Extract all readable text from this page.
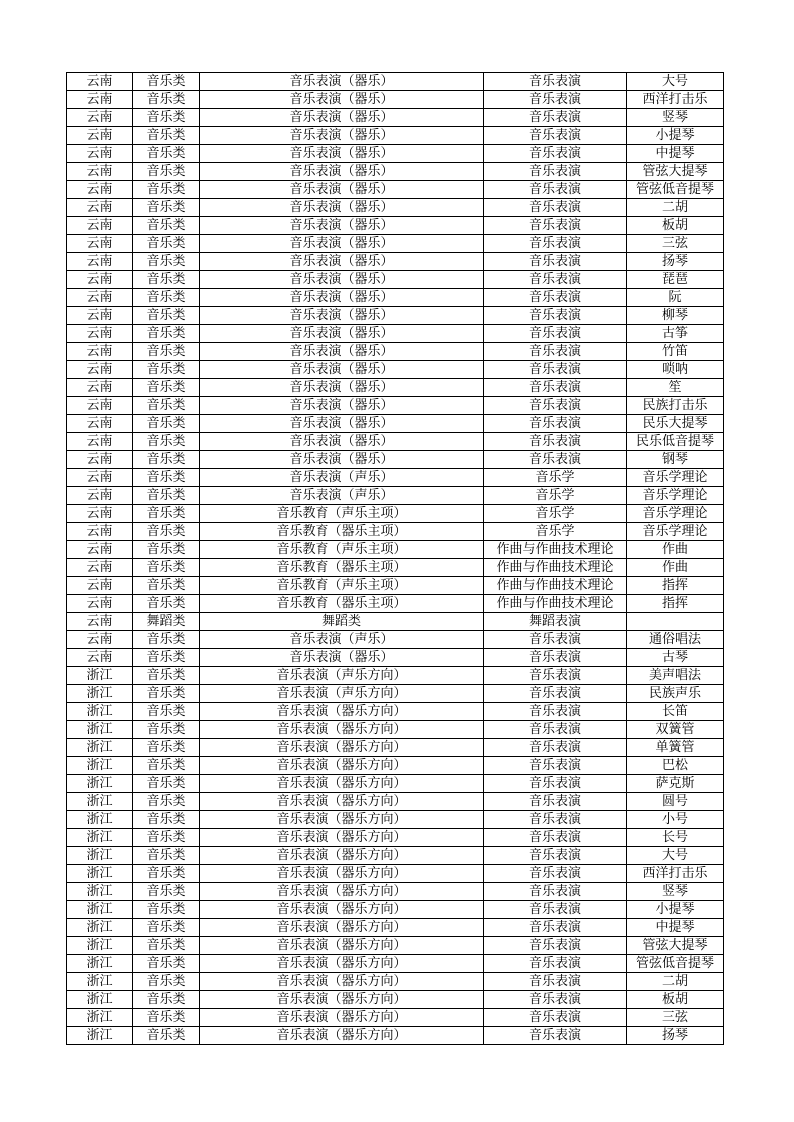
云南	音乐类	音乐表演（器乐）	音乐表演	大号
云南	音乐类	音乐表演（器乐）	音乐表演	西洋打击乐
云南	音乐类	音乐表演（器乐）	音乐表演	竖琴
云南	音乐类	音乐表演（器乐）	音乐表演	小提琴
云南	音乐类	音乐表演（器乐）	音乐表演	中提琴
云南	音乐类	音乐表演（器乐）	音乐表演	管弦大提琴
云南	音乐类	音乐表演（器乐）	音乐表演	管弦低音提琴
云南	音乐类	音乐表演（器乐）	音乐表演	二胡
云南	音乐类	音乐表演（器乐）	音乐表演	板胡
云南	音乐类	音乐表演（器乐）	音乐表演	三弦
云南	音乐类	音乐表演（器乐）	音乐表演	扬琴
云南	音乐类	音乐表演（器乐）	音乐表演	琵琶
云南	音乐类	音乐表演（器乐）	音乐表演	阮
云南	音乐类	音乐表演（器乐）	音乐表演	柳琴
云南	音乐类	音乐表演（器乐）	音乐表演	古筝
云南	音乐类	音乐表演（器乐）	音乐表演	竹笛
云南	音乐类	音乐表演（器乐）	音乐表演	唢呐
云南	音乐类	音乐表演（器乐）	音乐表演	笙
云南	音乐类	音乐表演（器乐）	音乐表演	民族打击乐
云南	音乐类	音乐表演（器乐）	音乐表演	民乐大提琴
云南	音乐类	音乐表演（器乐）	音乐表演	民乐低音提琴
云南	音乐类	音乐表演（器乐）	音乐表演	钢琴
云南	音乐类	音乐表演（声乐）	音乐学	音乐学理论
云南	音乐类	音乐表演（声乐）	音乐学	音乐学理论
云南	音乐类	音乐教育（声乐主项）	音乐学	音乐学理论
云南	音乐类	音乐教育（器乐主项）	音乐学	音乐学理论
云南	音乐类	音乐教育（声乐主项）	作曲与作曲技术理论	作曲
云南	音乐类	音乐教育（器乐主项）	作曲与作曲技术理论	作曲
云南	音乐类	音乐教育（声乐主项）	作曲与作曲技术理论	指挥
云南	音乐类	音乐教育（器乐主项）	作曲与作曲技术理论	指挥
云南	舞蹈类	舞蹈类	舞蹈表演	
云南	音乐类	音乐表演（声乐）	音乐表演	通俗唱法
云南	音乐类	音乐表演（器乐）	音乐表演	古琴
浙江	音乐类	音乐表演（声乐方向）	音乐表演	美声唱法
浙江	音乐类	音乐表演（声乐方向）	音乐表演	民族声乐
浙江	音乐类	音乐表演（器乐方向）	音乐表演	长笛
浙江	音乐类	音乐表演（器乐方向）	音乐表演	双簧管
浙江	音乐类	音乐表演（器乐方向）	音乐表演	单簧管
浙江	音乐类	音乐表演（器乐方向）	音乐表演	巴松
浙江	音乐类	音乐表演（器乐方向）	音乐表演	萨克斯
浙江	音乐类	音乐表演（器乐方向）	音乐表演	圆号
浙江	音乐类	音乐表演（器乐方向）	音乐表演	小号
浙江	音乐类	音乐表演（器乐方向）	音乐表演	长号
浙江	音乐类	音乐表演（器乐方向）	音乐表演	大号
浙江	音乐类	音乐表演（器乐方向）	音乐表演	西洋打击乐
浙江	音乐类	音乐表演（器乐方向）	音乐表演	竖琴
浙江	音乐类	音乐表演（器乐方向）	音乐表演	小提琴
浙江	音乐类	音乐表演（器乐方向）	音乐表演	中提琴
浙江	音乐类	音乐表演（器乐方向）	音乐表演	管弦大提琴
浙江	音乐类	音乐表演（器乐方向）	音乐表演	管弦低音提琴
浙江	音乐类	音乐表演（器乐方向）	音乐表演	二胡
浙江	音乐类	音乐表演（器乐方向）	音乐表演	板胡
浙江	音乐类	音乐表演（器乐方向）	音乐表演	三弦
浙江	音乐类	音乐表演（器乐方向）	音乐表演	扬琴
